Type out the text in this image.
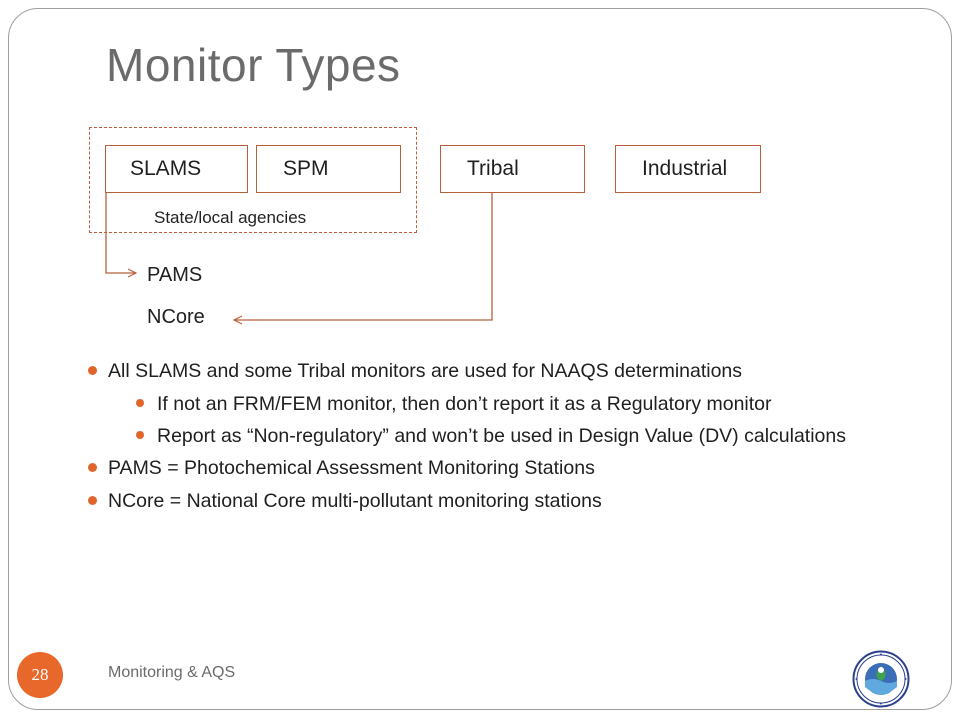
Monitor Types
SLAMS	SPM	Tribal	Industrial
State/local agencies
PAMS
NCore
All SLAMS and some Tribal monitors are used for NAAQS determinations
If not an FRM/FEM monitor, then don’t report it as a Regulatory monitor
Report as “Non-regulatory” and won’t be used in Design Value (DV) calculations
PAMS = Photochemical Assessment Monitoring Stations
NCore = National Core multi-pollutant monitoring stations
28	Monitoring & AQS
